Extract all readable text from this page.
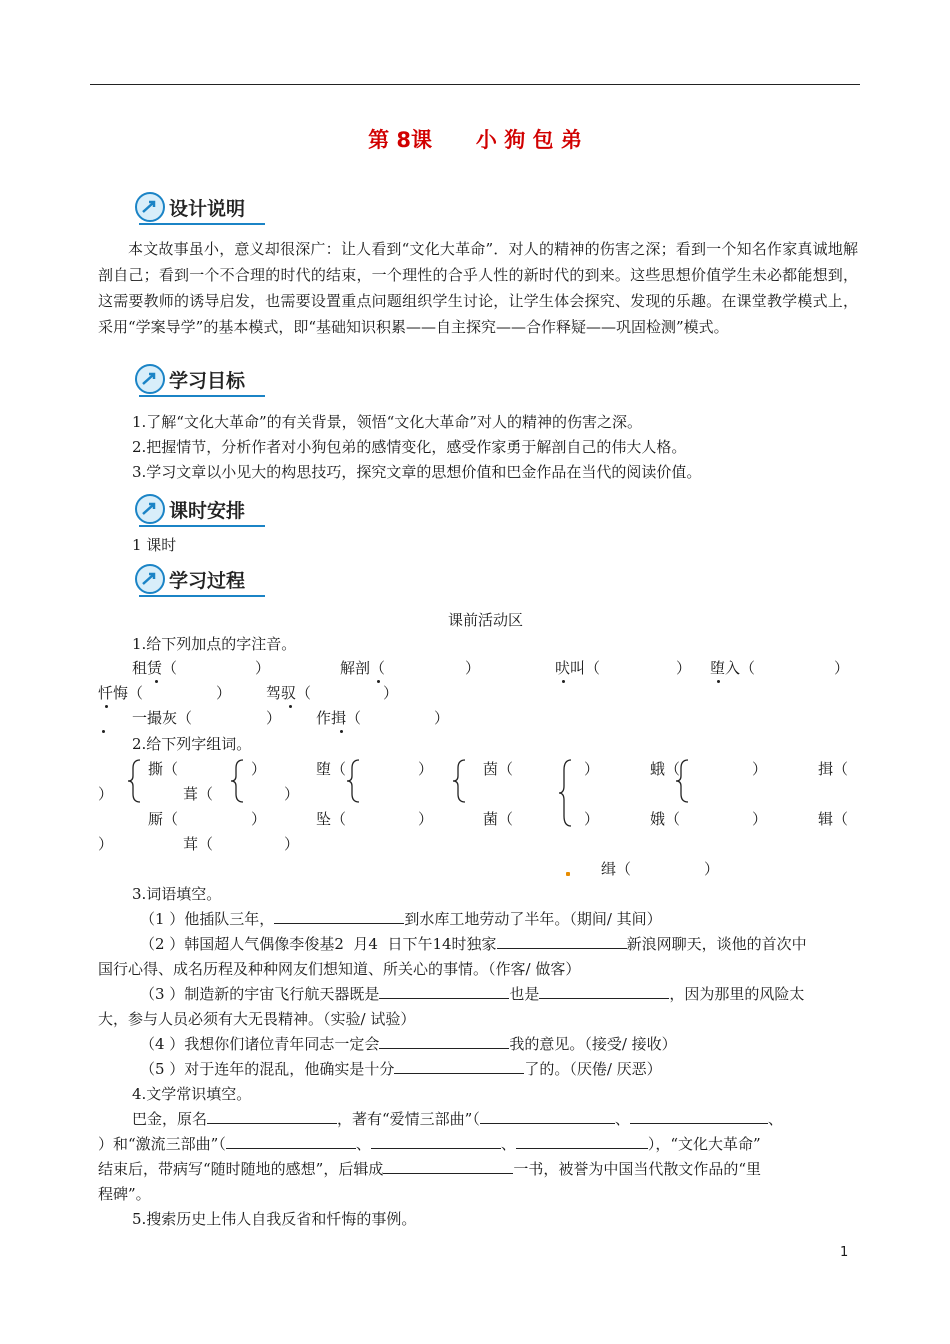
第 8课      小 狗 包 弟
设计说明
本文故事虽小，意义却很深广：让人看到“文化大革命”．对人的精神的伤害之深；看到一个知名作家真诚地解剖自己；看到一个不合理的时代的结束，一个理性的合乎人性的新时代的到来。这些思想价值学生未必都能想到，这需要教师的诱导启发，也需要设置重点问题组织学生讨论，让学生体会探究、发现的乐趣。在课堂教学模式上，采用“学案导学”的基本模式，即“基础知识积累——自主探究——合作释疑——巩固检测”模式。
学习目标
1.了解“文化大革命”的有关背景，领悟“文化大革命”对人的精神的伤害之深。
2.把握情节，分析作者对小狗包弟的感情变化，感受作家勇于解剖自己的伟大人格。
3.学习文章以小见大的构思技巧，探究文章的思想价值和巴金作品在当代的阅读价值。
课时安排
1 课时
学习过程
课前活动区
1.给下列加点的字注音。
租赁（	）	解剖（	）	吠叫（	） 堕入（	）
忏悔（	） 驾驭（	）
一撮灰（	） 作揖（	）
2.给下列字组词。
撕（	）	堕（	）	茵（	）	蛾（	）	揖（
）	葺（	）
厮（	）	坠（	）	菌（	）	娥（	）	辑（
）	茸（	）
缉（	）
3.词语填空。
（1 ）他插队三年，	到水库工地劳动了半年。（期间/ 其间）
（2 ）韩国超人气偶像李俊基2  月4  日下午14时独家	新浪网聊天，谈他的首次中
国行心得、成名历程及种种网友们想知道、所关心的事情。（作客/ 做客）
（3 ）制造新的宇宙飞行航天器既是	也是	，因为那里的风险太
大，参与人员必须有大无畏精神。（实验/ 试验）
（4 ）我想你们诸位青年同志一定会	我的意见。（接受/ 接收）
（5 ）对于连年的混乱，他确实是十分	了的。（厌倦/ 厌恶）
4.文学常识填空。
巴金，原名	，著有“爱情三部曲”（	、	、
）和“激流三部曲”（	、	、	），“文化大革命”
结束后，带病写“随时随地的感想”，后辑成	一书，被誉为中国当代散文作品的“里
程碑”。
5.搜索历史上伟人自我反省和忏悔的事例。
1
